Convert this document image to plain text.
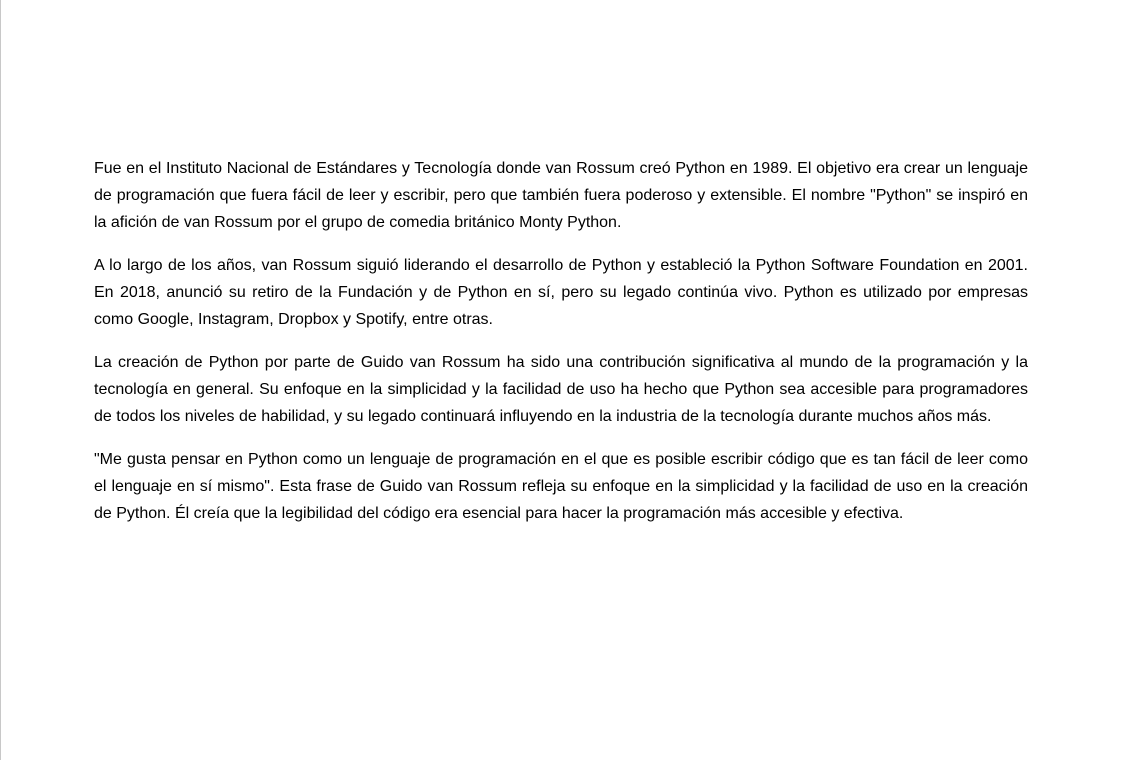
Fue en el Instituto Nacional de Estándares y Tecnología donde van Rossum creó Python en 1989. El objetivo era crear un lenguaje de programación que fuera fácil de leer y escribir, pero que también fuera poderoso y extensible. El nombre "Python" se inspiró en la afición de van Rossum por el grupo de comedia británico Monty Python.

A lo largo de los años, van Rossum siguió liderando el desarrollo de Python y estableció la Python Software Foundation en 2001. En 2018, anunció su retiro de la Fundación y de Python en sí, pero su legado continúa vivo. Python es utilizado por empresas como Google, Instagram, Dropbox y Spotify, entre otras.

La creación de Python por parte de Guido van Rossum ha sido una contribución significativa al mundo de la programación y la tecnología en general. Su enfoque en la simplicidad y la facilidad de uso ha hecho que Python sea accesible para programadores de todos los niveles de habilidad, y su legado continuará influyendo en la industria de la tecnología durante muchos años más.

"Me gusta pensar en Python como un lenguaje de programación en el que es posible escribir código que es tan fácil de leer como el lenguaje en sí mismo". Esta frase de Guido van Rossum refleja su enfoque en la simplicidad y la facilidad de uso en la creación de Python. Él creía que la legibilidad del código era esencial para hacer la programación más accesible y efectiva.
